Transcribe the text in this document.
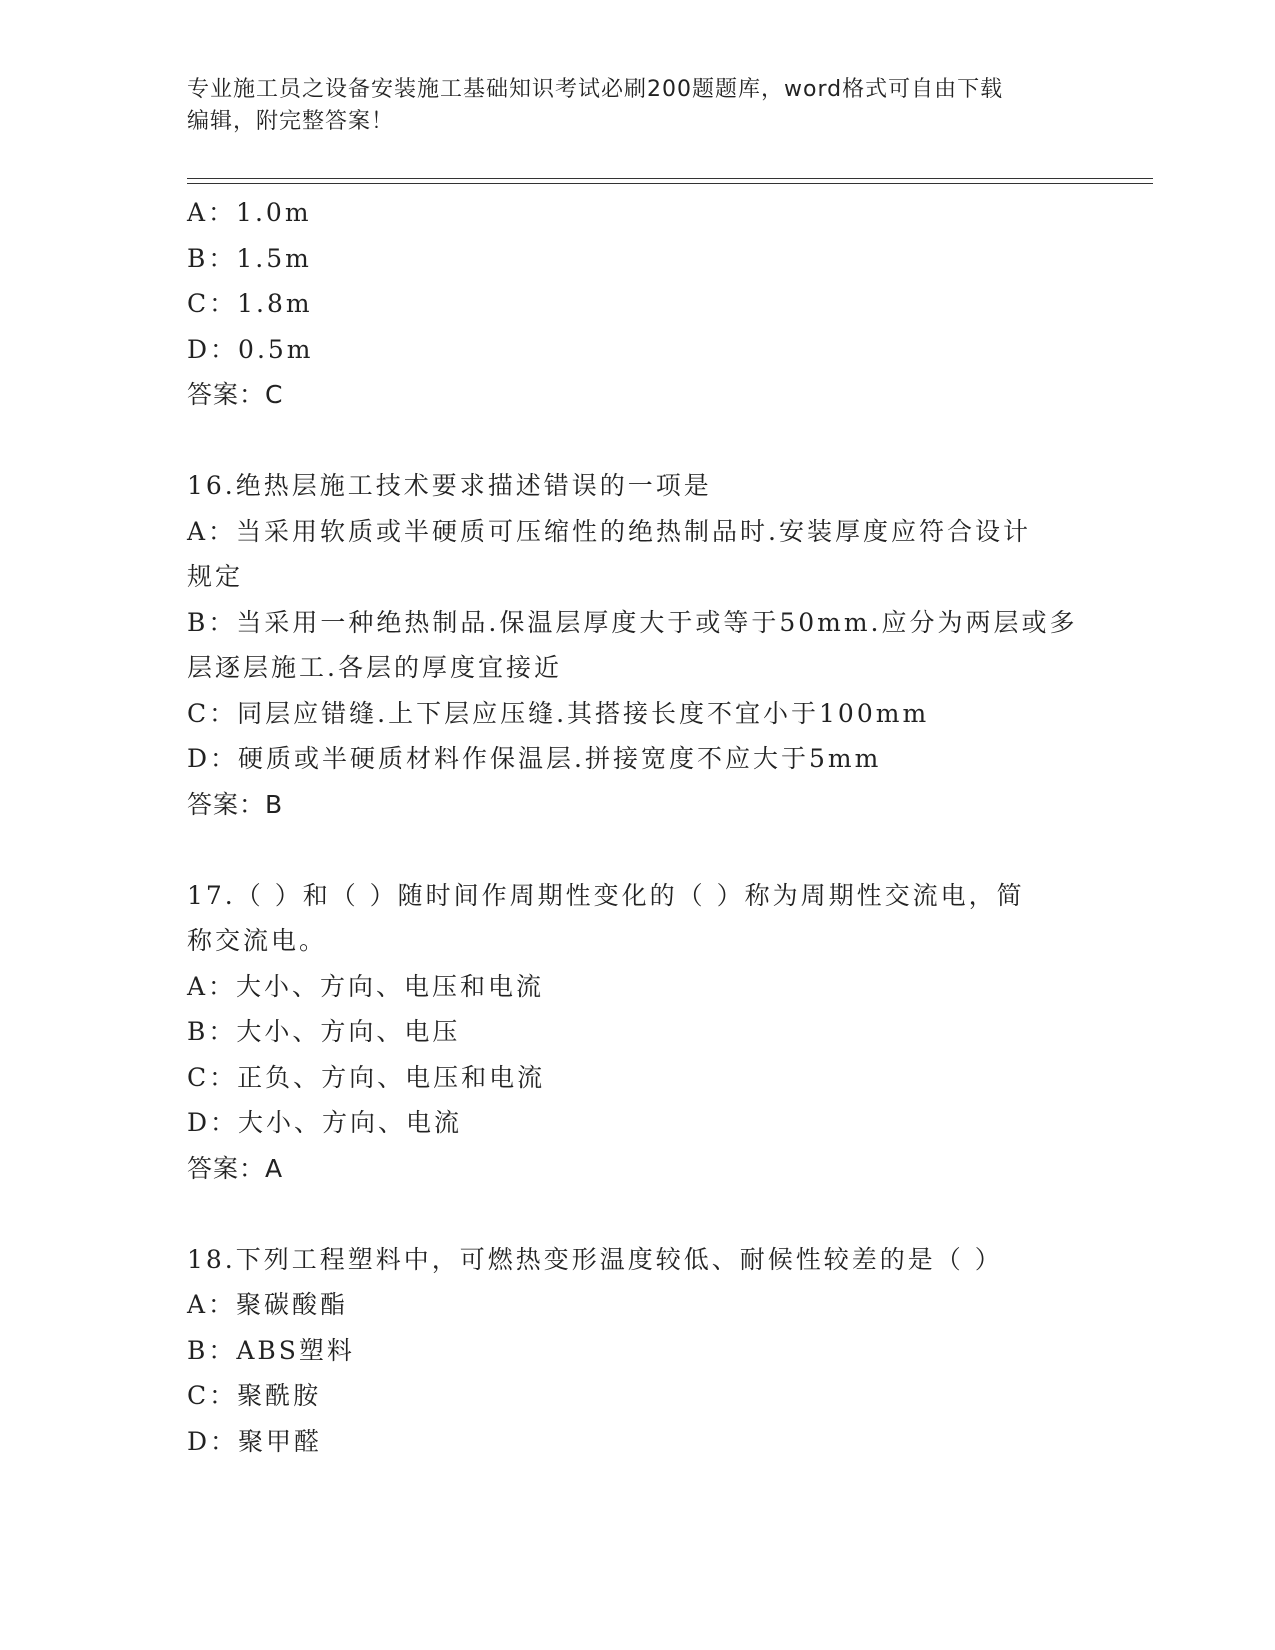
专业施工员之设备安装施工基础知识考试必刷200题题库，word格式可自由下载
编辑，附完整答案！
A：1.0m
B：1.5m
C：1.8m
D：0.5m
答案：C
16.绝热层施工技术要求描述错误的一项是
A：当采用软质或半硬质可压缩性的绝热制品时.安装厚度应符合设计
规定
B：当采用一种绝热制品.保温层厚度大于或等于50mm.应分为两层或多
层逐层施工.各层的厚度宜接近
C：同层应错缝.上下层应压缝.其搭接长度不宜小于100mm
D：硬质或半硬质材料作保温层.拼接宽度不应大于5mm
答案：B
17.（ ）和（ ）随时间作周期性变化的（ ）称为周期性交流电，简
称交流电。
A：大小、方向、电压和电流
B：大小、方向、电压
C：正负、方向、电压和电流
D：大小、方向、电流
答案：A
18.下列工程塑料中，可燃热变形温度较低、耐候性较差的是（ ）
A：聚碳酸酯
B：ABS塑料
C：聚酰胺
D：聚甲醛
